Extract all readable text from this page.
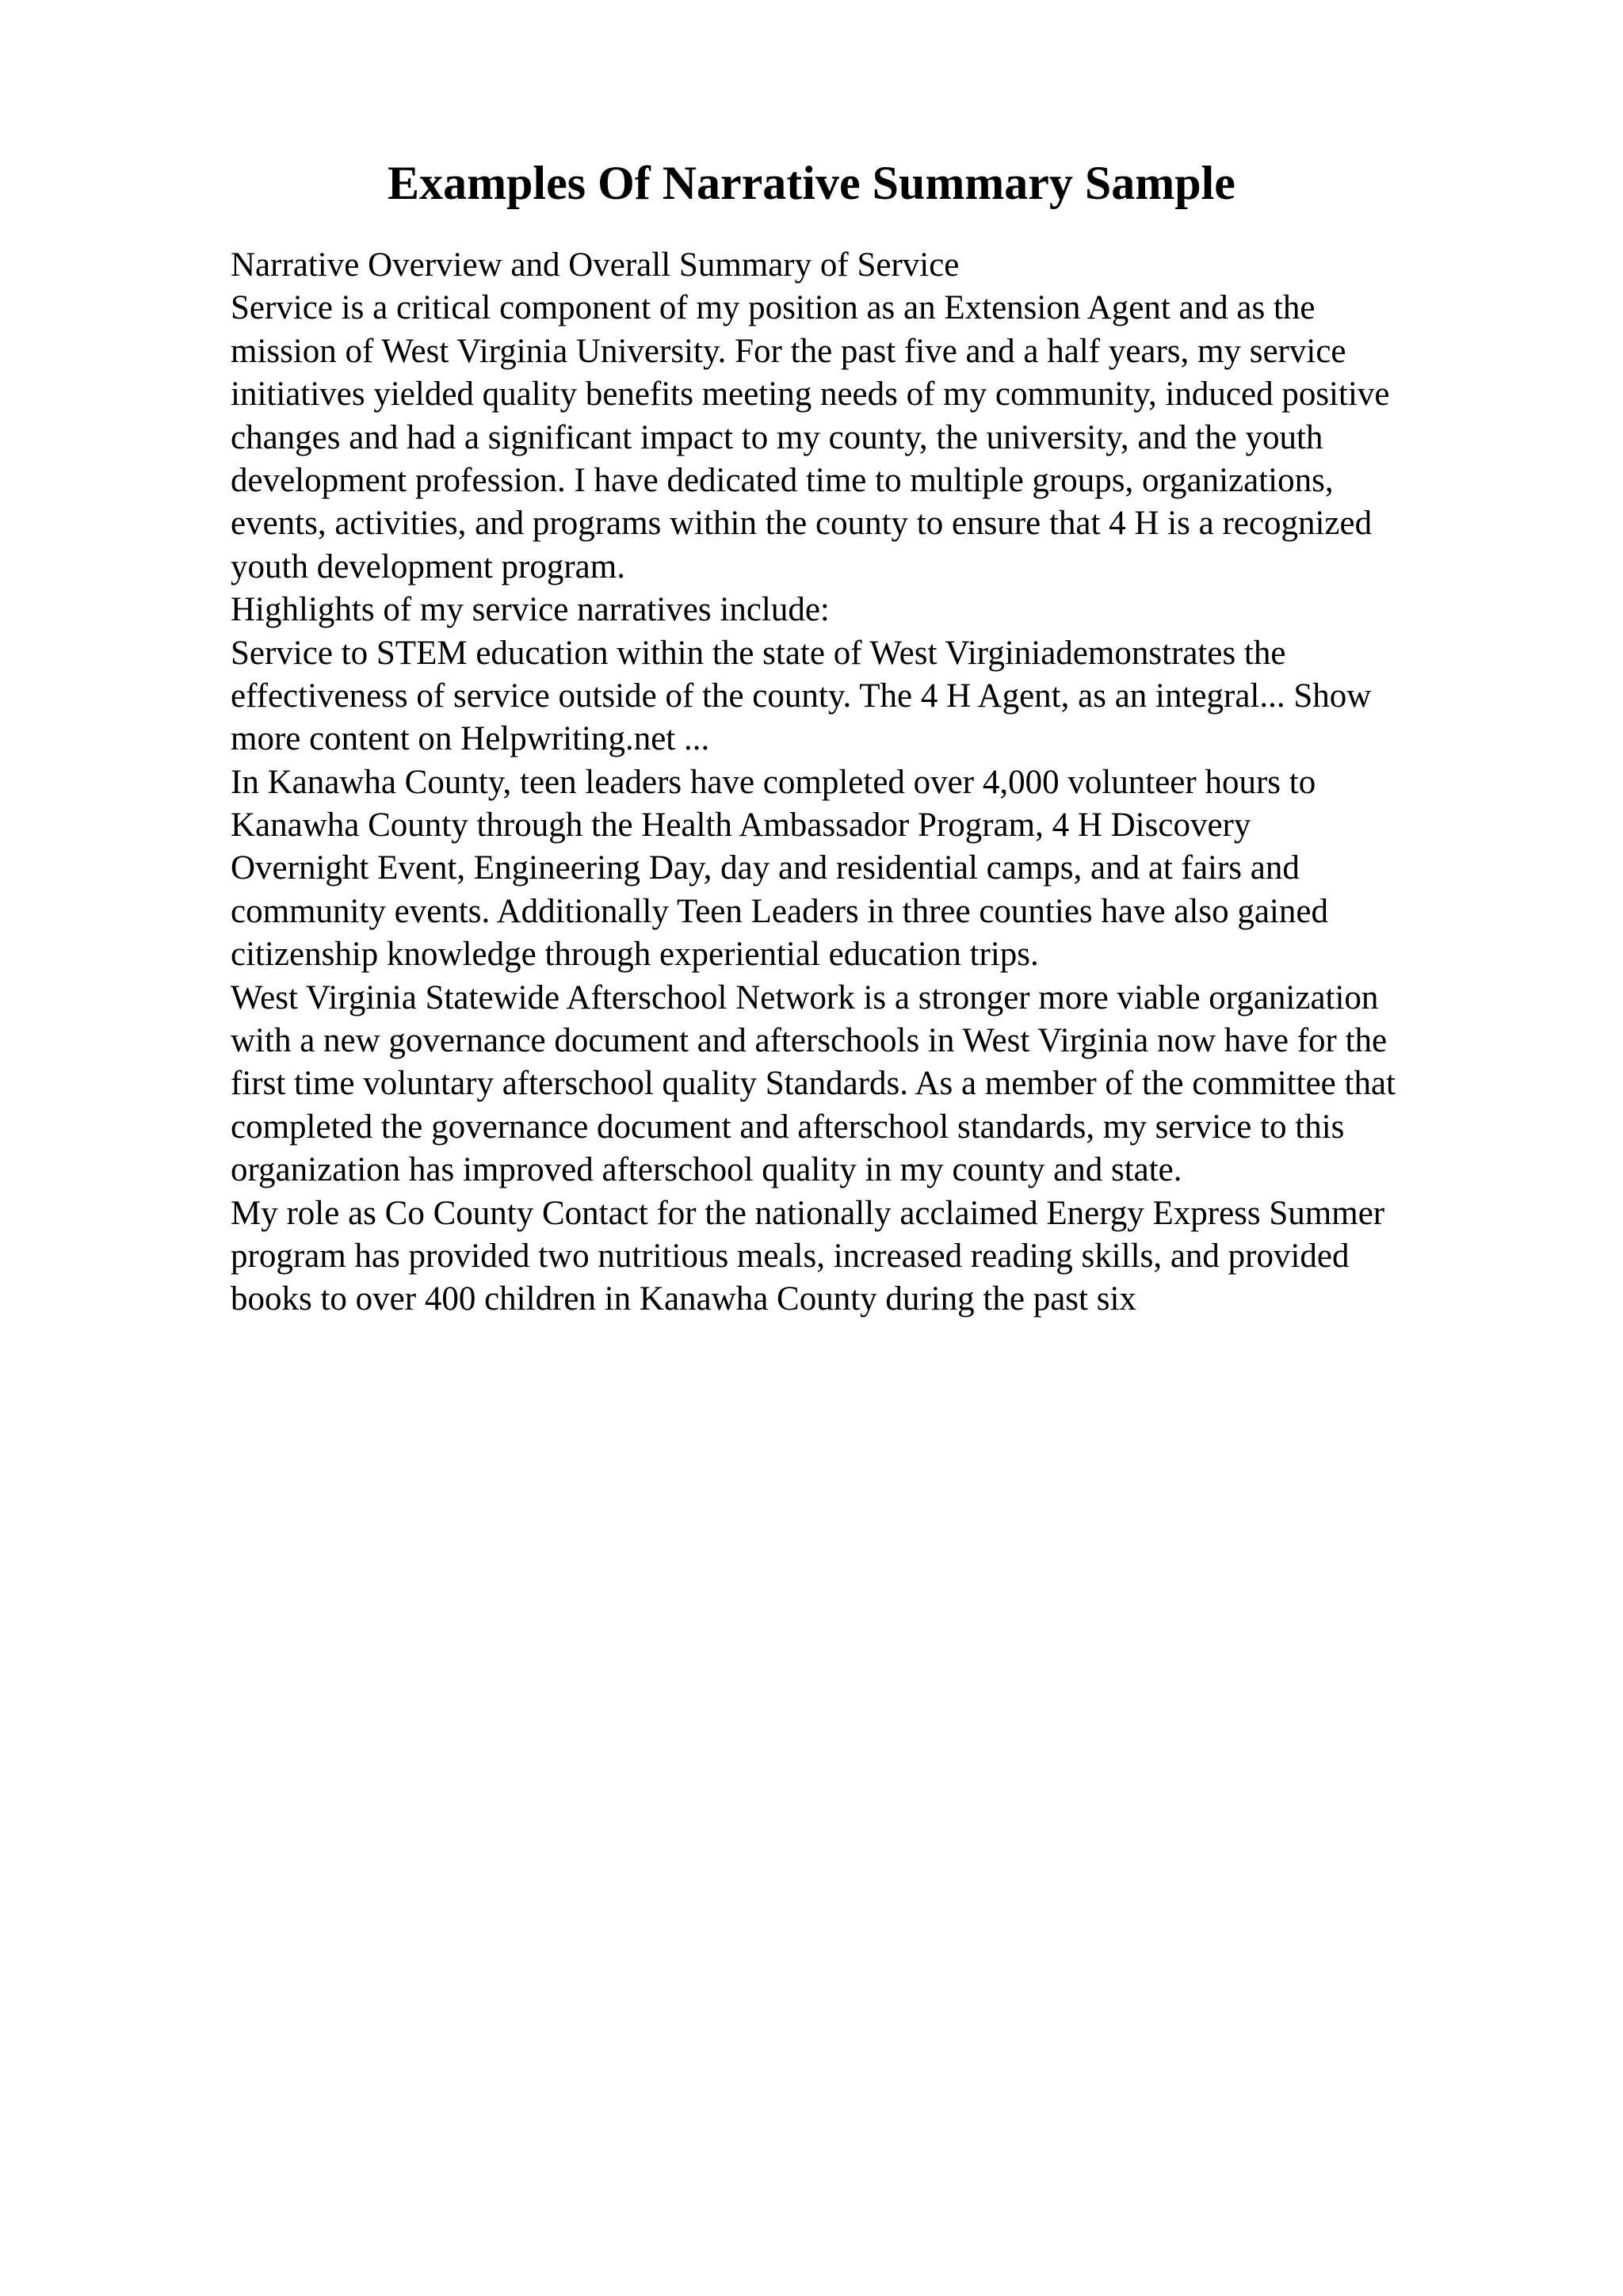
Examples Of Narrative Summary Sample
Narrative Overview and Overall Summary of Service
Service is a critical component of my position as an Extension Agent and as the
mission of West Virginia University. For the past five and a half years, my service
initiatives yielded quality benefits meeting needs of my community, induced positive
changes and had a significant impact to my county, the university, and the youth
development profession. I have dedicated time to multiple groups, organizations,
events, activities, and programs within the county to ensure that 4 H is a recognized
youth development program.
Highlights of my service narratives include:
Service to STEM education within the state of West Virginiademonstrates the
effectiveness of service outside of the county. The 4 H Agent, as an integral... Show
more content on Helpwriting.net ...
In Kanawha County, teen leaders have completed over 4,000 volunteer hours to
Kanawha County through the Health Ambassador Program, 4 H Discovery
Overnight Event, Engineering Day, day and residential camps, and at fairs and
community events. Additionally Teen Leaders in three counties have also gained
citizenship knowledge through experiential education trips.
West Virginia Statewide Afterschool Network is a stronger more viable organization
with a new governance document and afterschools in West Virginia now have for the
first time voluntary afterschool quality Standards. As a member of the committee that
completed the governance document and afterschool standards, my service to this
organization has improved afterschool quality in my county and state.
My role as Co County Contact for the nationally acclaimed Energy Express Summer
program has provided two nutritious meals, increased reading skills, and provided
books to over 400 children in Kanawha County during the past six
